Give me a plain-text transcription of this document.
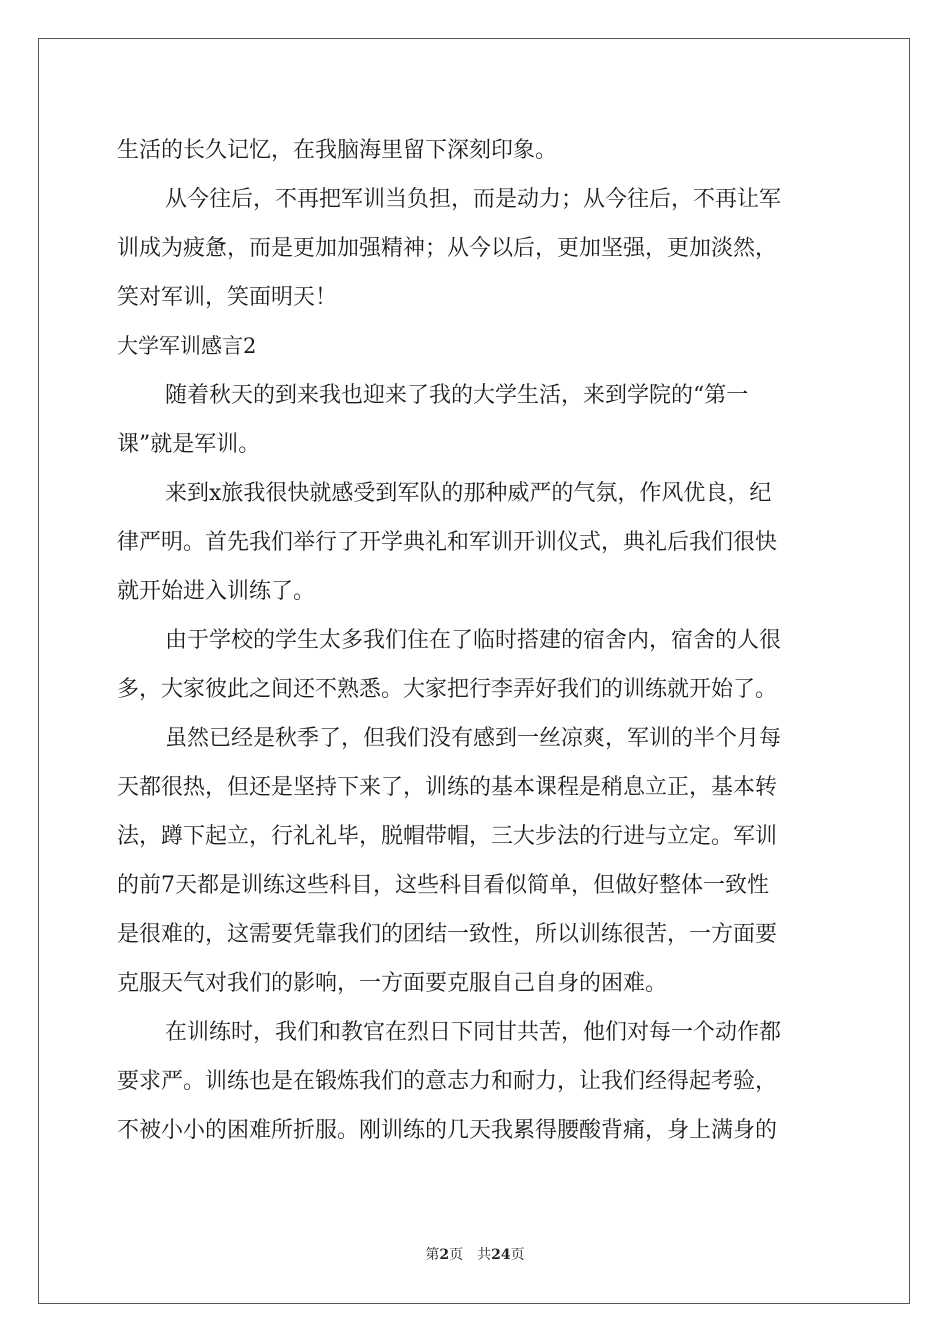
生活的长久记忆，在我脑海里留下深刻印象。
从今往后，不再把军训当负担，而是动力；从今往后，不再让军
训成为疲惫，而是更加加强精神；从今以后，更加坚强，更加淡然，
笑对军训，笑面明天！
大学军训感言2
随着秋天的到来我也迎来了我的大学生活，来到学院的“第一
课”就是军训。
来到x旅我很快就感受到军队的那种威严的气氛，作风优良，纪
律严明。首先我们举行了开学典礼和军训开训仪式，典礼后我们很快
就开始进入训练了。
由于学校的学生太多我们住在了临时搭建的宿舍内，宿舍的人很
多，大家彼此之间还不熟悉。大家把行李弄好我们的训练就开始了。
虽然已经是秋季了，但我们没有感到一丝凉爽，军训的半个月每
天都很热，但还是坚持下来了，训练的基本课程是稍息立正，基本转
法，蹲下起立，行礼礼毕，脱帽带帽，三大步法的行进与立定。军训
的前7天都是训练这些科目，这些科目看似简单，但做好整体一致性
是很难的，这需要凭靠我们的团结一致性，所以训练很苦，一方面要
克服天气对我们的影响，一方面要克服自己自身的困难。
在训练时，我们和教官在烈日下同甘共苦，他们对每一个动作都
要求严。训练也是在锻炼我们的意志力和耐力，让我们经得起考验，
不被小小的困难所折服。刚训练的几天我累得腰酸背痛，身上满身的
第2页 共24页
